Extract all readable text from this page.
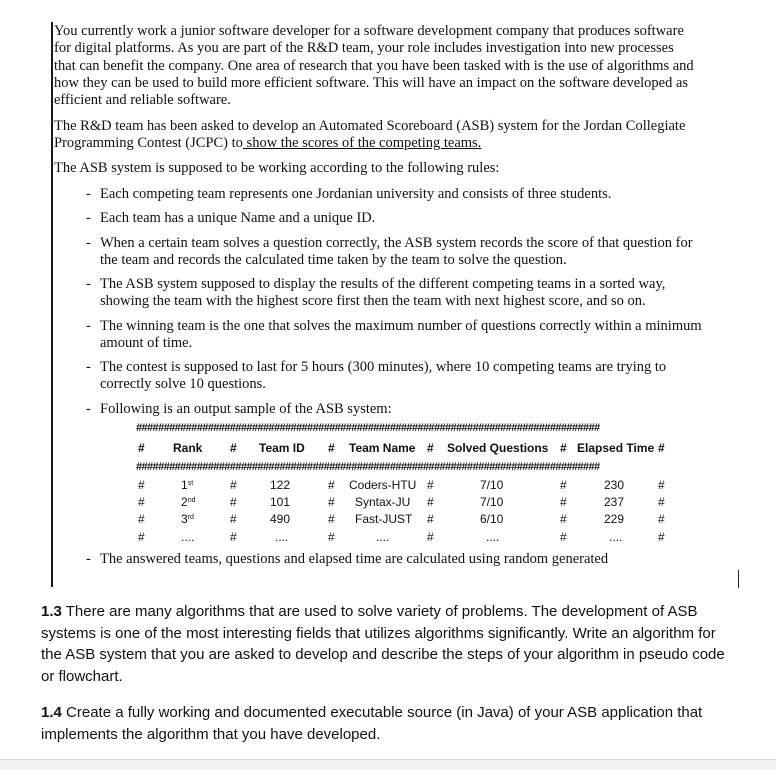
You currently work a junior software developer for a software development company that produces software
for digital platforms. As you are part of the R&D team, your role includes investigation into new processes
that can benefit the company. One area of research that you have been tasked with is the use of algorithms and
how they can be used to build more efficient software. This will have an impact on the software developed as
efficient and reliable software.
The R&D team has been asked to develop an Automated Scoreboard (ASB) system for the Jordan Collegiate
Programming Contest (JCPC) to show the scores of the competing teams.
The ASB system is supposed to be working according to the following rules:
- Each competing team represents one Jordanian university and consists of three students.
- Each team has a unique Name and a unique ID.
- When a certain team solves a question correctly, the ASB system records the score of that question for
the team and records the calculated time taken by the team to solve the question.
- The ASB system supposed to display the results of the different competing teams in a sorted way,
showing the team with the highest score first then the team with next highest score, and so on.
- The winning team is the one that solves the maximum number of questions correctly within a minimum
amount of time.
- The contest is supposed to last for 5 hours (300 minutes), where 10 competing teams are trying to
correctly solve 10 questions.
- Following is an output sample of the ASB system:
####################################################################################
# Rank # Team ID # Team Name # Solved Questions # Elapsed Time #
####################################################################################
#	1st	#	122	# Coders-HTU #	7/10	#	230	#
#	2nd	#	101	# Syntax-JU #	7/10	#	237	#
#	3rd	#	490	# Fast-JUST #	6/10	#	229	#
#	....	#	....	#	....	#	....	#	....	#
- The answered teams, questions and elapsed time are calculated using random generated
1.3 There are many algorithms that are used to solve variety of problems. The development of ASB
systems is one of the most interesting fields that utilizes algorithms significantly. Write an algorithm for
the ASB system that you are asked to develop and describe the steps of your algorithm in pseudo code
or flowchart.
1.4 Create a fully working and documented executable source (in Java) of your ASB application that
implements the algorithm that you have developed.
